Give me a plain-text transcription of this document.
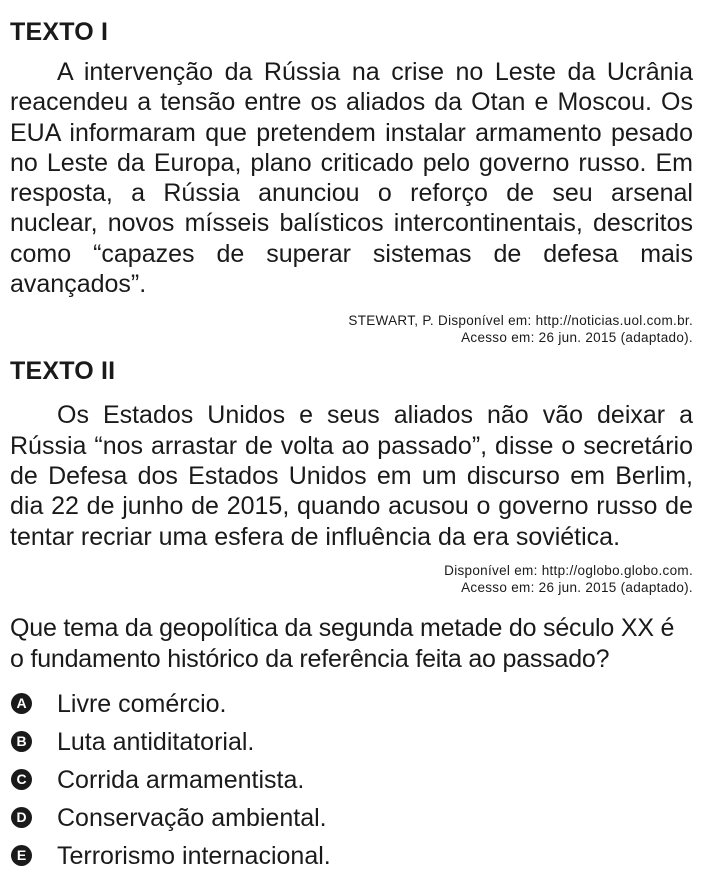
TEXTO I

A intervenção da Rússia na crise no Leste da Ucrânia reacendeu a tensão entre os aliados da Otan e Moscou. Os EUA informaram que pretendem instalar armamento pesado no Leste da Europa, plano criticado pelo governo russo. Em resposta, a Rússia anunciou o reforço de seu arsenal nuclear, novos mísseis balísticos intercontinentais, descritos como “capazes de superar sistemas de defesa mais avançados”.

STEWART, P. Disponível em: http://noticias.uol.com.br.
Acesso em: 26 jun. 2015 (adaptado).
TEXTO II

Os Estados Unidos e seus aliados não vão deixar a Rússia “nos arrastar de volta ao passado”, disse o secretário de Defesa dos Estados Unidos em um discurso em Berlim, dia 22 de junho de 2015, quando acusou o governo russo de tentar recriar uma esfera de influência da era soviética.

Disponível em: http://oglobo.globo.com.
Acesso em: 26 jun. 2015 (adaptado).

Que tema da geopolítica da segunda metade do século XX é o fundamento histórico da referência feita ao passado?

A Livre comércio.
B Luta antiditatorial.
C Corrida armamentista.
D Conservação ambiental.
E Terrorismo internacional.
